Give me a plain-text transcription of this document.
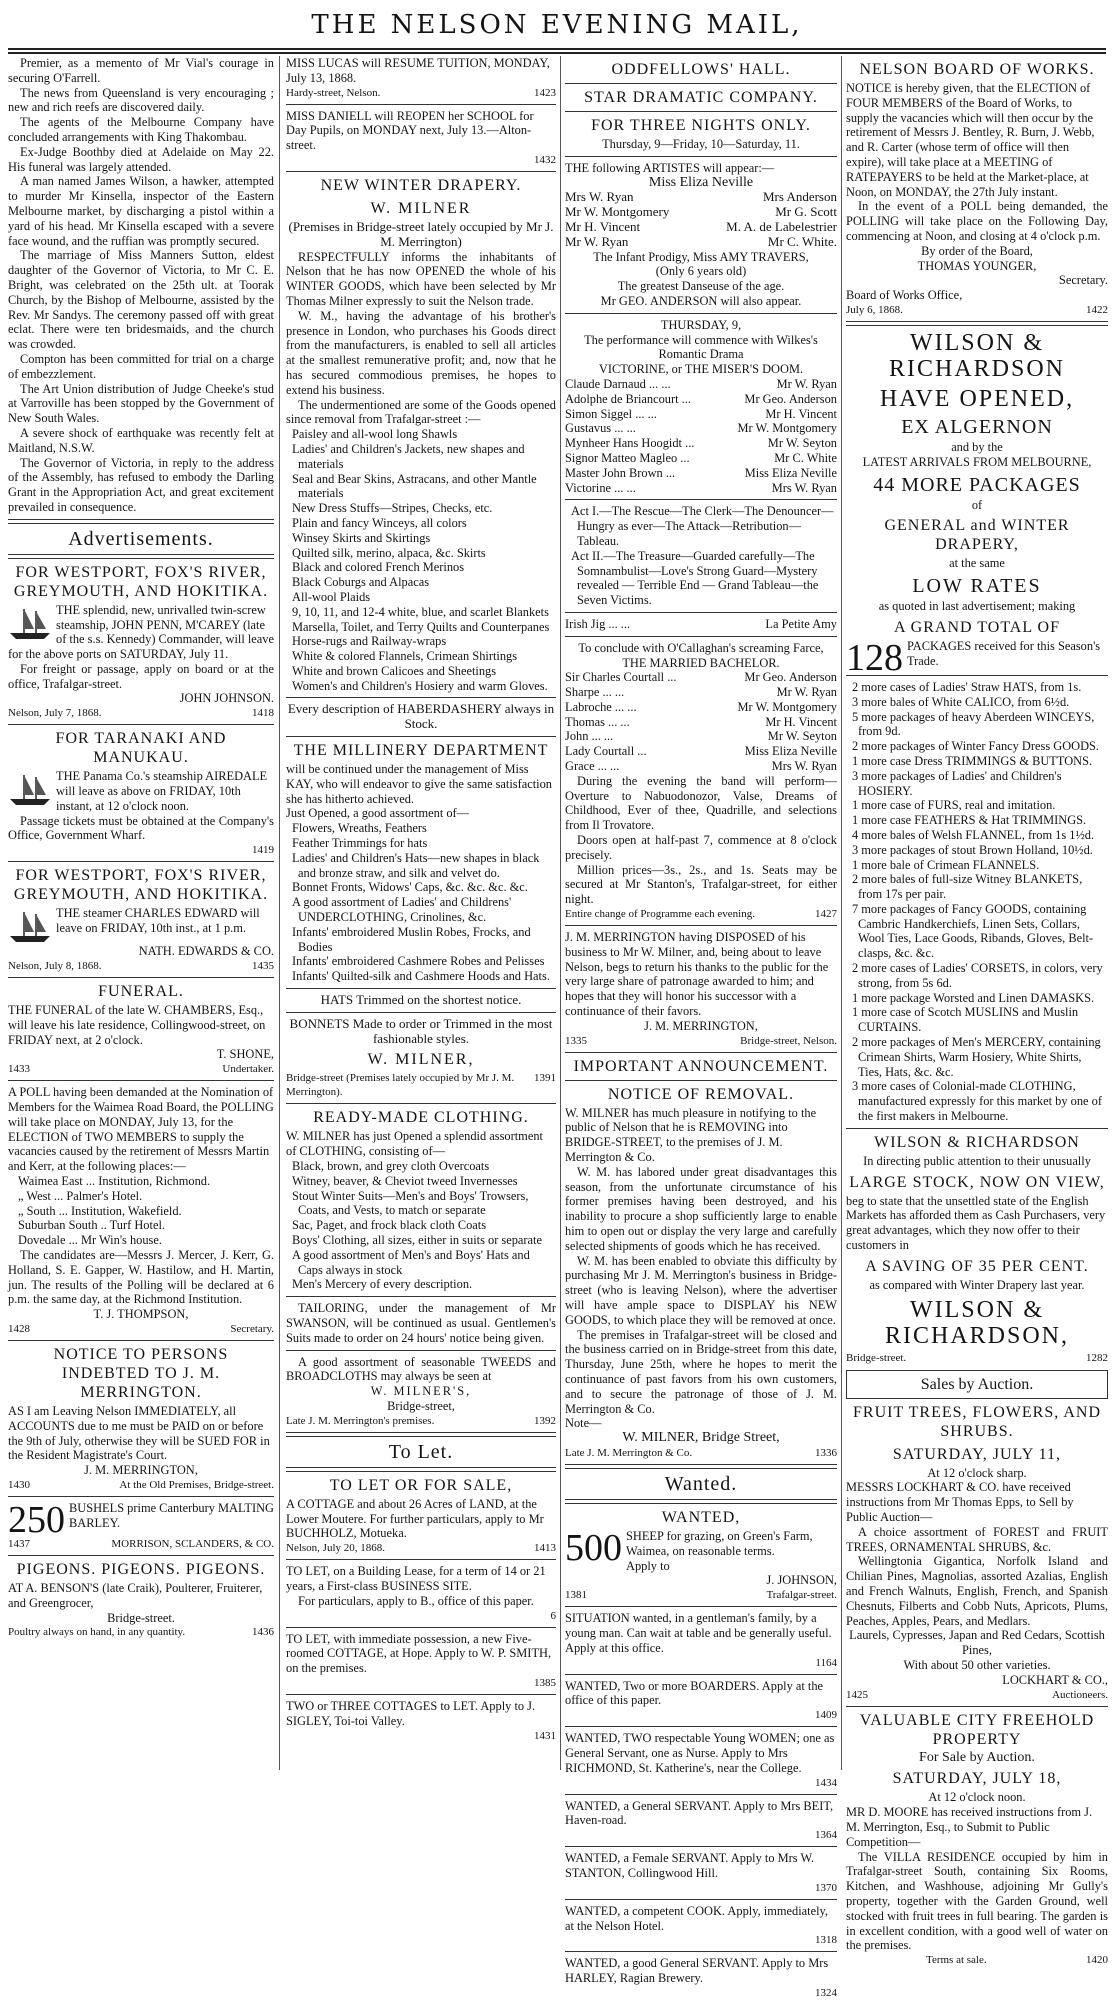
THE NELSON EVENING MAIL,

Premier, as a memento of Mr Vial's courage in securing O'Farrell.

The news from Queensland is very encouraging ; new and rich reefs are discovered daily.

The agents of the Melbourne Company have concluded arrangements with King Thakombau.

Ex-Judge Boothby died at Adelaide on May 22. His funeral was largely attended.

A man named James Wilson, a hawker, attempted to murder Mr Kinsella, inspector of the Eastern Melbourne market, by discharging a pistol within a yard of his head. Mr Kinsella escaped with a severe face wound, and the ruffian was promptly secured.

The marriage of Miss Manners Sutton, eldest daughter of the Governor of Victoria, to Mr C. E. Bright, was celebrated on the 25th ult. at Toorak Church, by the Bishop of Melbourne, assisted by the Rev. Mr Sandys. The ceremony passed off with great eclat. There were ten bridesmaids, and the church was crowded.

Compton has been committed for trial on a charge of embezzlement.

The Art Union distribution of Judge Cheeke's stud at Varroville has been stopped by the Government of New South Wales.

A severe shock of earthquake was recently felt at Maitland, N.S.W.

The Governor of Victoria, in reply to the address of the Assembly, has refused to embody the Darling Grant in the Appropriation Act, and great excitement prevailed in consequence.

Advertisements.
FOR WESTPORT, FOX'S RIVER, GREYMOUTH, AND HOKITIKA.

THE splendid, new, unrivalled twin-screw steamship, JOHN PENN, M'CAREY (late of the s.s. Kennedy) Commander, will leave for the above ports on SATURDAY, July 11.

For freight or passage, apply on board or at the office, Trafalgar-street.

JOHN JOHNSON.
Nelson, July 7, 1868.	1418
FOR TARANAKI AND MANUKAU.

THE Panama Co.'s steamship AIREDALE will leave as above on FRIDAY, 10th instant, at 12 o'clock noon.

Passage tickets must be obtained at the Company's Office, Government Wharf.

1419
FOR WESTPORT, FOX'S RIVER, GREYMOUTH, AND HOKITIKA.

THE steamer CHARLES EDWARD will leave on FRIDAY, 10th inst., at 1 p.m.

NATH. EDWARDS & CO.
Nelson, July 8, 1868.	1435
FUNERAL.

THE FUNERAL of the late W. CHAMBERS, Esq., will leave his late residence, Collingwood-street, on FRIDAY next, at 2 o'clock.

T. SHONE,
1433	Undertaker.

A POLL having been demanded at the Nomination of Members for the Waimea Road Board, the POLLING will take place on MONDAY, July 13, for the ELECTION of TWO MEMBERS to supply the vacancies caused by the retirement of Messrs Martin and Kerr, at the following places:—

Waimea East ... Institution, Richmond.

„ West ... Palmer's Hotel.

„ South ... Institution, Wakefield.

Suburban South .. Turf Hotel.

Dovedale ... Mr Win's house.

The candidates are—Messrs J. Mercer, J. Kerr, G. Holland, S. E. Gapper, W. Hastilow, and H. Martin, jun. The results of the Polling will be declared at 6 p.m. the same day, at the Richmond Institution.

T. J. THOMPSON,
1428	Secretary.
NOTICE TO PERSONS INDEBTED TO J. M. MERRINGTON.

AS I am Leaving Nelson IMMEDIATELY, all ACCOUNTS due to me must be PAID on or before the 9th of July, otherwise they will be SUED FOR in the Resident Magistrate's Court.

J. M. MERRINGTON,
1430	At the Old Premises, Bridge-street.
250 BUSHELS prime Canterbury MALTING BARLEY.

1437	MORRISON, SCLANDERS, & CO.
PIGEONS. PIGEONS. PIGEONS.

AT A. BENSON'S (late Craik), Poulterer, Fruiterer, and Greengrocer,

Bridge-street.
Poultry always on hand, in any quantity.	1436

MISS LUCAS will RESUME TUITION, MONDAY, July 13, 1868.

Hardy-street, Nelson.	1423

MISS DANIELL will REOPEN her SCHOOL for Day Pupils, on MONDAY next, July 13.—Alton-street.

1432
NEW WINTER DRAPERY.
W. MILNER
(Premises in Bridge-street lately occupied by Mr J. M. Merrington)

RESPECTFULLY informs the inhabitants of Nelson that he has now OPENED the whole of his WINTER GOODS, which have been selected by Mr Thomas Milner expressly to suit the Nelson trade.

W. M., having the advantage of his brother's presence in London, who purchases his Goods direct from the manufacturers, is enabled to sell all articles at the smallest remunerative profit; and, now that he has secured commodious premises, he hopes to extend his business.

The undermentioned are some of the Goods opened since removal from Trafalgar-street :—

Paisley and all-wool long Shawls

Ladies' and Children's Jackets, new shapes and materials

Seal and Bear Skins, Astracans, and other Mantle materials

New Dress Stuffs—Stripes, Checks, etc.

Plain and fancy Winceys, all colors

Winsey Skirts and Skirtings

Quilted silk, merino, alpaca, &c. Skirts

Black and colored French Merinos

Black Coburgs and Alpacas

All-wool Plaids

9, 10, 11, and 12-4 white, blue, and scarlet Blankets

Marsella, Toilet, and Terry Quilts and Counterpanes

Horse-rugs and Railway-wraps

White & colored Flannels, Crimean Shirtings

White and brown Calicoes and Sheetings

Women's and Children's Hosiery and warm Gloves.

Every description of HABERDASHERY always in Stock.
THE MILLINERY DEPARTMENT

will be continued under the management of Miss KAY, who will endeavor to give the same satisfaction she has hitherto achieved.

Just Opened, a good assortment of—

Flowers, Wreaths, Feathers

Feather Trimmings for hats

Ladies' and Children's Hats—new shapes in black and bronze straw, and silk and velvet do.

Bonnet Fronts, Widows' Caps, &c. &c. &c. &c.

A good assortment of Ladies' and Childrens' UNDERCLOTHING, Crinolines, &c.

Infants' embroidered Muslin Robes, Frocks, and Bodies

Infants' embroidered Cashmere Robes and Pelisses

Infants' Quilted-silk and Cashmere Hoods and Hats.

HATS Trimmed on the shortest notice.
BONNETS Made to order or Trimmed in the most fashionable styles.
W. MILNER,
Bridge-street (Premises lately occupied by Mr J. M. Merrington).
1391
READY-MADE CLOTHING.

W. MILNER has just Opened a splendid assortment of CLOTHING, consisting of—

Black, brown, and grey cloth Overcoats

Witney, beaver, & Cheviot tweed Invernesses

Stout Winter Suits—Men's and Boys' Trowsers, Coats, and Vests, to match or separate

Sac, Paget, and frock black cloth Coats

Boys' Clothing, all sizes, either in suits or separate

A good assortment of Men's and Boys' Hats and Caps always in stock

Men's Mercery of every description.

TAILORING, under the management of Mr SWANSON, will be continued as usual. Gentlemen's Suits made to order on 24 hours' notice being given.

A good assortment of seasonable TWEEDS and BROADCLOTHS may always be seen at

W. MILNER'S,
Bridge-street,
Late J. M. Merrington's premises.	1392
To Let.
TO LET OR FOR SALE,

A COTTAGE and about 26 Acres of LAND, at the Lower Moutere. For further particulars, apply to Mr BUCHHOLZ, Motueka.

Nelson, July 20, 1868.	1413

TO LET, on a Building Lease, for a term of 14 or 21 years, a First-class BUSINESS SITE.

For particulars, apply to B., office of this paper.

6

TO LET, with immediate possession, a new Five-roomed COTTAGE, at Hope. Apply to W. P. SMITH, on the premises.

1385

TWO or THREE COTTAGES to LET. Apply to J. SIGLEY, Toi-toi Valley.

1431
ODDFELLOWS' HALL.
STAR DRAMATIC COMPANY.
FOR THREE NIGHTS ONLY.
Thursday, 9—Friday, 10—Saturday, 11.

THE following ARTISTES will appear:—

Miss Eliza Neville
Mrs W. Ryan	Mrs Anderson
Mr W. Montgomery	Mr G. Scott
Mr H. Vincent	M. A. de Labelestrier
Mr W. Ryan	Mr C. White.
The Infant Prodigy, Miss AMY TRAVERS,
(Only 6 years old)
The greatest Danseuse of the age.
Mr GEO. ANDERSON will also appear.
THURSDAY, 9,
The performance will commence with Wilkes's Romantic Drama
VICTORINE, or THE MISER'S DOOM.
Claude Darnaud ... ...	Mr W. Ryan
Adolphe de Briancourt ...	Mr Geo. Anderson
Simon Siggel ... ...	Mr H. Vincent
Gustavus ... ...	Mr W. Montgomery
Mynheer Hans Hoogidt ...	Mr W. Seyton
Signor Matteo Magleo ...	Mr C. White
Master John Brown ...	Miss Eliza Neville
Victorine ... ...	Mrs W. Ryan

Act I.—The Rescue—The Clerk—The Denouncer—Hungry as ever—The Attack—Retribution—Tableau.

Act II.—The Treasure—Guarded carefully—The Somnambulist—Love's Strong Guard—Mystery revealed — Terrible End — Grand Tableau—the Seven Victims.

Irish Jig ... ...	La Petite Amy
To conclude with O'Callaghan's screaming Farce,
THE MARRIED BACHELOR.
Sir Charles Courtall ...	Mr Geo. Anderson
Sharpe ... ...	Mr W. Ryan
Labroche ... ...	Mr W. Montgomery
Thomas ... ...	Mr H. Vincent
John ... ...	Mr W. Seyton
Lady Courtall ...	Miss Eliza Neville
Grace ... ...	Mrs W. Ryan

During the evening the band will perform—Overture to Nabuodonozor, Valse, Dreams of Childhood, Ever of thee, Quadrille, and selections from Il Trovatore.

Doors open at half-past 7, commence at 8 o'clock precisely.

Million prices—3s., 2s., and 1s. Seats may be secured at Mr Stanton's, Trafalgar-street, for either night.

Entire change of Programme each evening.	1427

J. M. MERRINGTON having DISPOSED of his business to Mr W. Milner, and, being about to leave Nelson, begs to return his thanks to the public for the very large share of patronage awarded to him; and hopes that they will honor his successor with a continuance of their favors.

J. M. MERRINGTON,
1335	Bridge-street, Nelson.
IMPORTANT ANNOUNCEMENT.
NOTICE OF REMOVAL.

W. MILNER has much pleasure in notifying to the public of Nelson that he is REMOVING into BRIDGE-STREET, to the premises of J. M. Merrington & Co.

W. M. has labored under great disadvantages this season, from the unfortunate circumstance of his former premises having been destroyed, and his inability to procure a shop sufficiently large to enable him to open out or display the very large and carefully selected shipments of goods which he has received.

W. M. has been enabled to obviate this difficulty by purchasing Mr J. M. Merrington's business in Bridge-street (who is leaving Nelson), where the advertiser will have ample space to DISPLAY his NEW GOODS, to which place they will be removed at once.

The premises in Trafalgar-street will be closed and the business carried on in Bridge-street from this date, Thursday, June 25th, where he hopes to merit the continuance of past favors from his own customers, and to secure the patronage of those of J. M. Merrington & Co.

Note—

W. MILNER, Bridge Street,
Late J. M. Merrington & Co.	1336
Wanted.
WANTED,
500 SHEEP for grazing, on Green's Farm, Waimea, on reasonable terms.

Apply to

J. JOHNSON,
1381	Trafalgar-street.

SITUATION wanted, in a gentleman's family, by a young man. Can wait at table and be generally useful. Apply at this office.

1164

WANTED, Two or more BOARDERS. Apply at the office of this paper.

1409

WANTED, TWO respectable Young WOMEN; one as General Servant, one as Nurse. Apply to Mrs RICHMOND, St. Katherine's, near the College.

1434

WANTED, a General SERVANT. Apply to Mrs BEIT, Haven-road.

1364

WANTED, a Female SERVANT. Apply to Mrs W. STANTON, Collingwood Hill.

1370

WANTED, a competent COOK. Apply, immediately, at the Nelson Hotel.

1318

WANTED, a good General SERVANT. Apply to Mrs HARLEY, Ragian Brewery.

1324
NELSON BOARD OF WORKS.

NOTICE is hereby given, that the ELECTION of FOUR MEMBERS of the Board of Works, to supply the vacancies which will then occur by the retirement of Messrs J. Bentley, R. Burn, J. Webb, and R. Carter (whose term of office will then expire), will take place at a MEETING of RATEPAYERS to be held at the Market-place, at Noon, on MONDAY, the 27th July instant.

In the event of a POLL being demanded, the POLLING will take place on the Following Day, commencing at Noon, and closing at 4 o'clock p.m.

By order of the Board,
THOMAS YOUNGER,
Secretary.
Board of Works Office,
July 6, 1868.	1422
WILSON & RICHARDSON
HAVE OPENED,
EX ALGERNON
and by the
LATEST ARRIVALS FROM MELBOURNE,
44 MORE PACKAGES
of
GENERAL and WINTER DRAPERY,
at the same
LOW RATES
as quoted in last advertisement; making
A GRAND TOTAL OF
128 PACKAGES received for this Season's Trade.

2 more cases of Ladies' Straw HATS, from 1s.

3 more bales of White CALICO, from 6½d.

5 more packages of heavy Aberdeen WINCEYS, from 9d.

2 more packages of Winter Fancy Dress GOODS.

1 more case Dress TRIMMINGS & BUTTONS.

3 more packages of Ladies' and Children's HOSIERY.

1 more case of FURS, real and imitation.

1 more case FEATHERS & Hat TRIMMINGS.

4 more bales of Welsh FLANNEL, from 1s 1½d.

3 more packages of stout Brown Holland, 10½d.

1 more bale of Crimean FLANNELS.

2 more bales of full-size Witney BLANKETS, from 17s per pair.

7 more packages of Fancy GOODS, containing Cambric Handkerchiefs, Linen Sets, Collars, Wool Ties, Lace Goods, Ribands, Gloves, Belt-clasps, &c. &c.

2 more cases of Ladies' CORSETS, in colors, very strong, from 5s 6d.

1 more package Worsted and Linen DAMASKS.

1 more case of Scotch MUSLINS and Muslin CURTAINS.

2 more packages of Men's MERCERY, containing Crimean Shirts, Warm Hosiery, White Shirts, Ties, Hats, &c. &c.

3 more cases of Colonial-made CLOTHING, manufactured expressly for this market by one of the first makers in Melbourne.

WILSON & RICHARDSON
In directing public attention to their unusually
LARGE STOCK, NOW ON VIEW,

beg to state that the unsettled state of the English Markets has afforded them as Cash Purchasers, very great advantages, which they now offer to their customers in

A SAVING OF 35 PER CENT.
as compared with Winter Drapery last year.
WILSON & RICHARDSON,
Bridge-street.	1282
Sales by Auction.
FRUIT TREES, FLOWERS, AND SHRUBS.
SATURDAY, JULY 11,
At 12 o'clock sharp.

MESSRS LOCKHART & CO. have received instructions from Mr Thomas Epps, to Sell by Public Auction—

A choice assortment of FOREST and FRUIT TREES, ORNAMENTAL SHRUBS, &c.

Wellingtonia Gigantica, Norfolk Island and Chilian Pines, Magnolias, assorted Azalias, English and French Walnuts, English, French, and Spanish Chesnuts, Filberts and Cobb Nuts, Apricots, Plums, Peaches, Apples, Pears, and Medlars.

Laurels, Cypresses, Japan and Red Cedars, Scottish Pines,
With about 50 other varieties.
LOCKHART & CO.,
1425	Auctioneers.
VALUABLE CITY FREEHOLD PROPERTY
For Sale by Auction.
SATURDAY, JULY 18,
At 12 o'clock noon.

MR D. MOORE has received instructions from J. M. Merrington, Esq., to Submit to Public Competition—

The VILLA RESIDENCE occupied by him in Trafalgar-street South, containing Six Rooms, Kitchen, and Washhouse, adjoining Mr Gully's property, together with the Garden Ground, well stocked with fruit trees in full bearing. The garden is in excellent condition, with a good well of water on the premises.

Terms at sale.	1420
